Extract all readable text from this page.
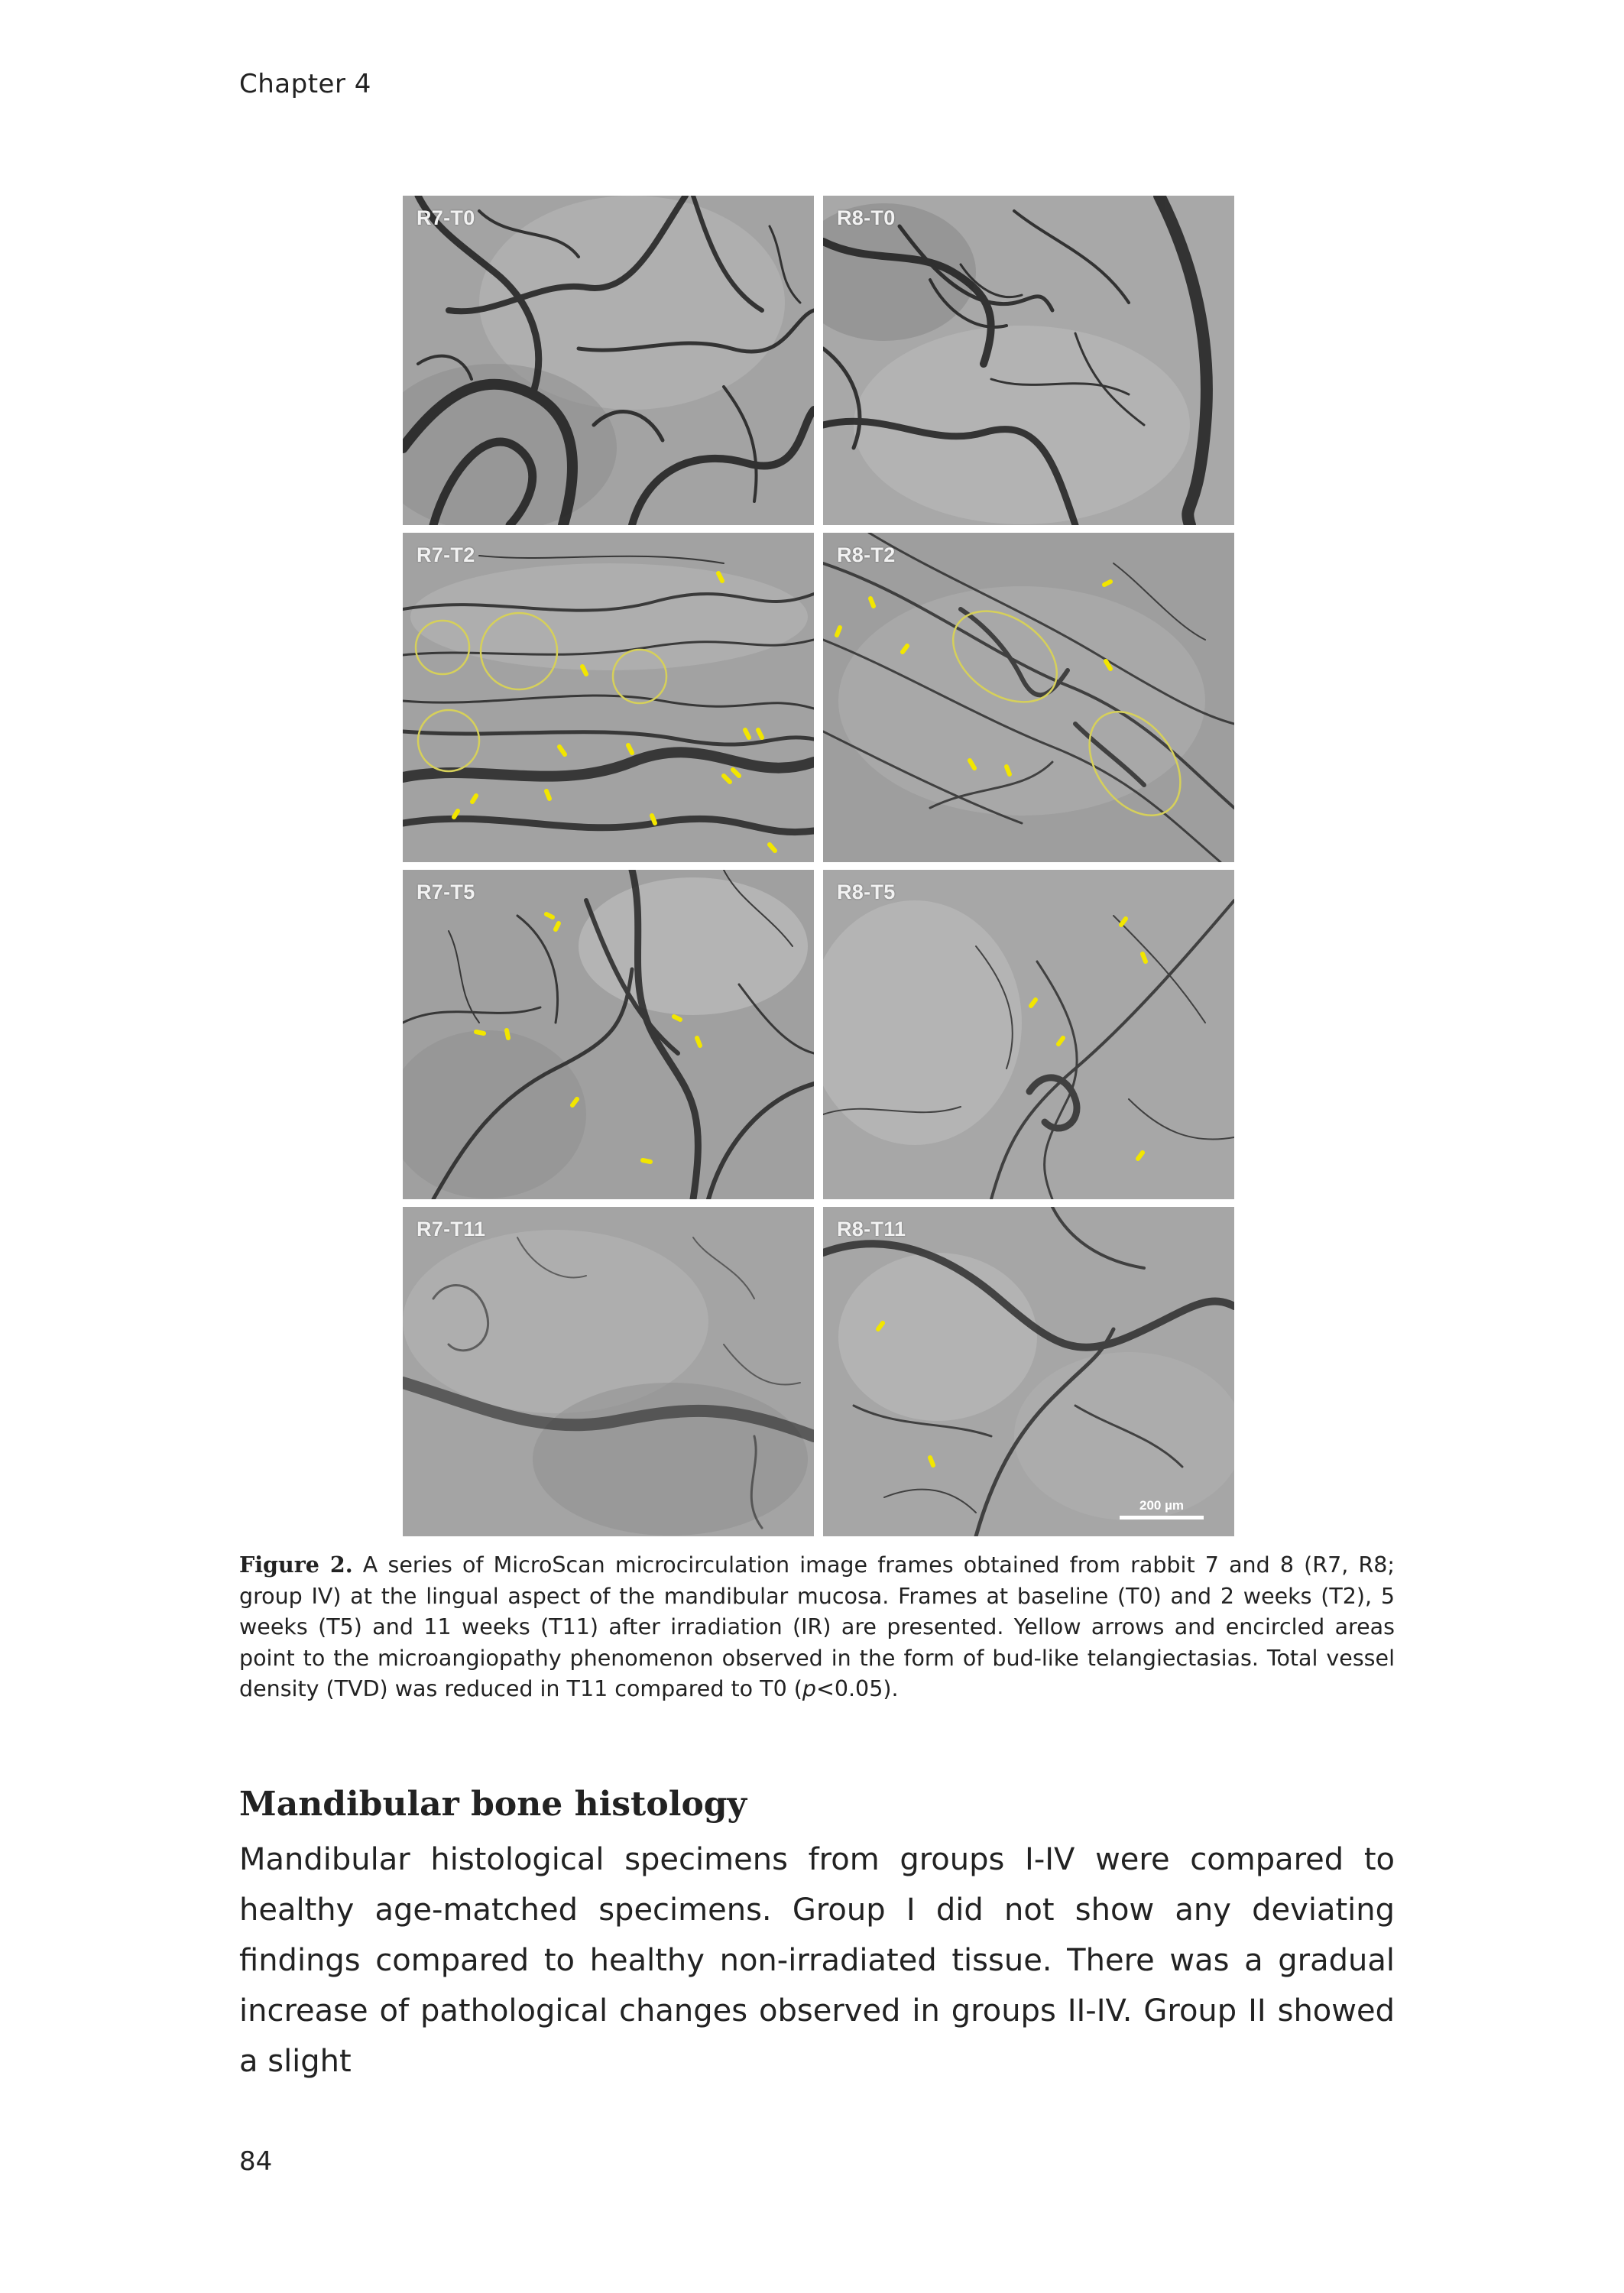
Chapter 4
R7-T0	R8-T0
R7-T2	R8-T2
R7-T5	R8-T5
R7-T11	R8-T11
200 µm
Figure 2. A series of MicroScan microcirculation image frames obtained from rabbit 7 and 8 (R7, R8; group IV) at the lingual aspect of the mandibular mucosa. Frames at baseline (T0) and 2 weeks (T2), 5 weeks (T5) and 11 weeks (T11) after irradiation (IR) are presented. Yellow arrows and encircled areas point to the microangiopathy phenomenon observed in the form of bud-like telangiectasias. Total vessel density (TVD) was reduced in T11 compared to T0 (p<0.05).
Mandibular bone histology
Mandibular histological specimens from groups I-IV were compared to healthy age-matched specimens. Group I did not show any deviating findings compared to healthy non-irradiated tissue. There was a gradual increase of pathological changes observed in groups II-IV. Group II showed a slight
84
